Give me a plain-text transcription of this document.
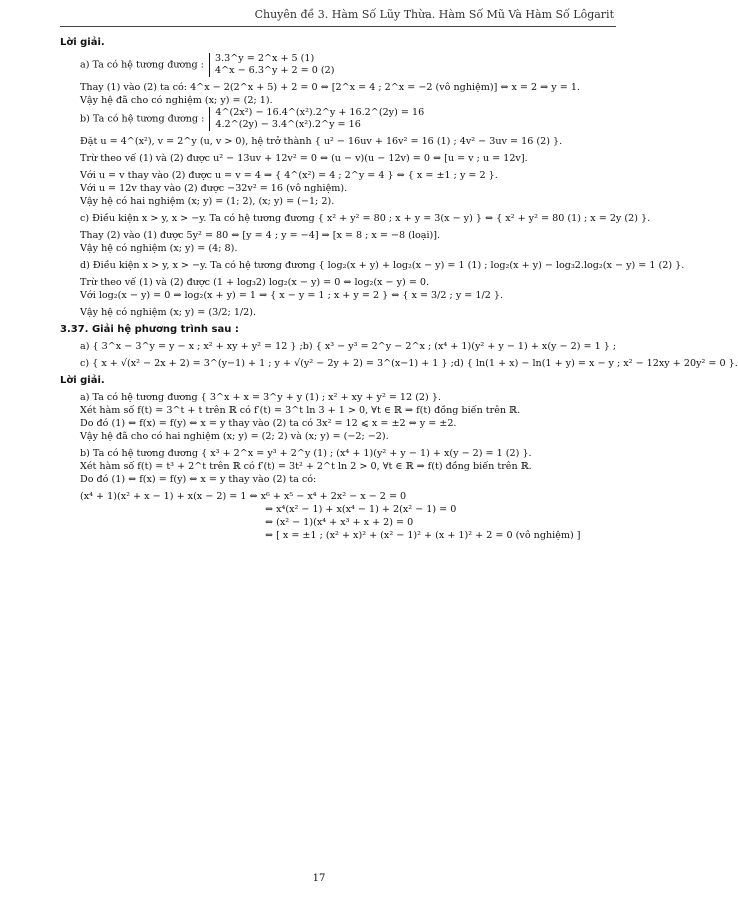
Chuyên đề 3. Hàm Số Lũy Thừa. Hàm Số Mũ Và Hàm Số Lôgarit
Lời giải.
a) Ta có hệ tương đương :
3.3^y = 2^x + 5 (1)
4^x − 6.3^y + 2 = 0 (2)
Thay (1) vào (2) ta có: 4^x − 2(2^x + 5) + 2 = 0 ⇔ [2^x = 4 ; 2^x = −2 (vô nghiệm)] ⇔ x = 2 ⇒ y = 1.
Vậy hệ đã cho có nghiệm (x; y) = (2; 1).
b) Ta có hệ tương đương :
4^(2x²) − 16.4^(x²).2^y + 16.2^(2y) = 16
4.2^(2y) − 3.4^(x²).2^y = 16
Đặt u = 4^(x²), v = 2^y (u, v > 0), hệ trở thành { u² − 16uv + 16v² = 16 (1) ; 4v² − 3uv = 16 (2) }.
Trừ theo vế (1) và (2) được u² − 13uv + 12v² = 0 ⇔ (u − v)(u − 12v) = 0 ⇔ [u = v ; u = 12v].
Với u = v thay vào (2) được u = v = 4 ⇒ { 4^(x²) = 4 ; 2^y = 4 } ⇔ { x = ±1 ; y = 2 }.
Với u = 12v thay vào (2) được −32v² = 16 (vô nghiệm).
Vậy hệ có hai nghiệm (x; y) = (1; 2), (x; y) = (−1; 2).
c) Điều kiện x > y, x > −y. Ta có hệ tương đương { x² + y² = 80 ; x + y = 3(x − y) } ⇔ { x² + y² = 80 (1) ; x = 2y (2) }.
Thay (2) vào (1) được 5y² = 80 ⇔ [y = 4 ; y = −4] ⇒ [x = 8 ; x = −8 (loại)].
Vậy hệ có nghiệm (x; y) = (4; 8).
d) Điều kiện x > y, x > −y. Ta có hệ tương đương { log₂(x + y) + log₂(x − y) = 1 (1) ; log₂(x + y) − log₃2.log₂(x − y) = 1 (2) }.
Trừ theo vế (1) và (2) được (1 + log₃2) log₂(x − y) = 0 ⇔ log₂(x − y) = 0.
Với log₂(x − y) = 0 ⇒ log₂(x + y) = 1 ⇒ { x − y = 1 ; x + y = 2 } ⇔ { x = 3/2 ; y = 1/2 }.
Vậy hệ có nghiệm (x; y) = (3/2; 1/2).
3.37. Giải hệ phương trình sau :
a) { 3^x − 3^y = y − x ; x² + xy + y² = 12 } ; b) { x³ − y³ = 2^y − 2^x ; (x⁴ + 1)(y² + y − 1) + x(y − 2) = 1 } ;
c) { x + √(x² − 2x + 2) = 3^(y−1) + 1 ; y + √(y² − 2y + 2) = 3^(x−1) + 1 } ; d) { ln(1 + x) − ln(1 + y) = x − y ; x² − 12xy + 20y² = 0 }.
Lời giải.
a) Ta có hệ tương đương { 3^x + x = 3^y + y (1) ; x² + xy + y² = 12 (2) }.
Xét hàm số f(t) = 3^t + t trên ℝ có f′(t) = 3^t ln 3 + 1 > 0, ∀t ∈ ℝ ⇒ f(t) đồng biến trên ℝ.
Do đó (1) ⇔ f(x) = f(y) ⇔ x = y thay vào (2) ta có 3x² = 12 ⩽ x = ±2 ⇔ y = ±2.
Vậy hệ đã cho có hai nghiệm (x; y) = (2; 2) và (x; y) = (−2; −2).
b) Ta có hệ tương đương { x³ + 2^x = y³ + 2^y (1) ; (x⁴ + 1)(y² + y − 1) + x(y − 2) = 1 (2) }.
Xét hàm số f(t) = t³ + 2^t trên ℝ có f′(t) = 3t² + 2^t ln 2 > 0, ∀t ∈ ℝ ⇒ f(t) đồng biến trên ℝ.
Do đó (1) ⇔ f(x) = f(y) ⇔ x = y thay vào (2) ta có:
(x⁴ + 1)(x² + x − 1) + x(x − 2) = 1 ⇔ x⁶ + x⁵ − x⁴ + 2x² − x − 2 = 0
⇔ x⁴(x² − 1) + x(x⁴ − 1) + 2(x² − 1) = 0
⇔ (x² − 1)(x⁴ + x³ + x + 2) = 0
⇔ [ x = ±1 ; (x² + x)² + (x² − 1)² + (x + 1)² + 2 = 0 (vô nghiệm) ]
17
